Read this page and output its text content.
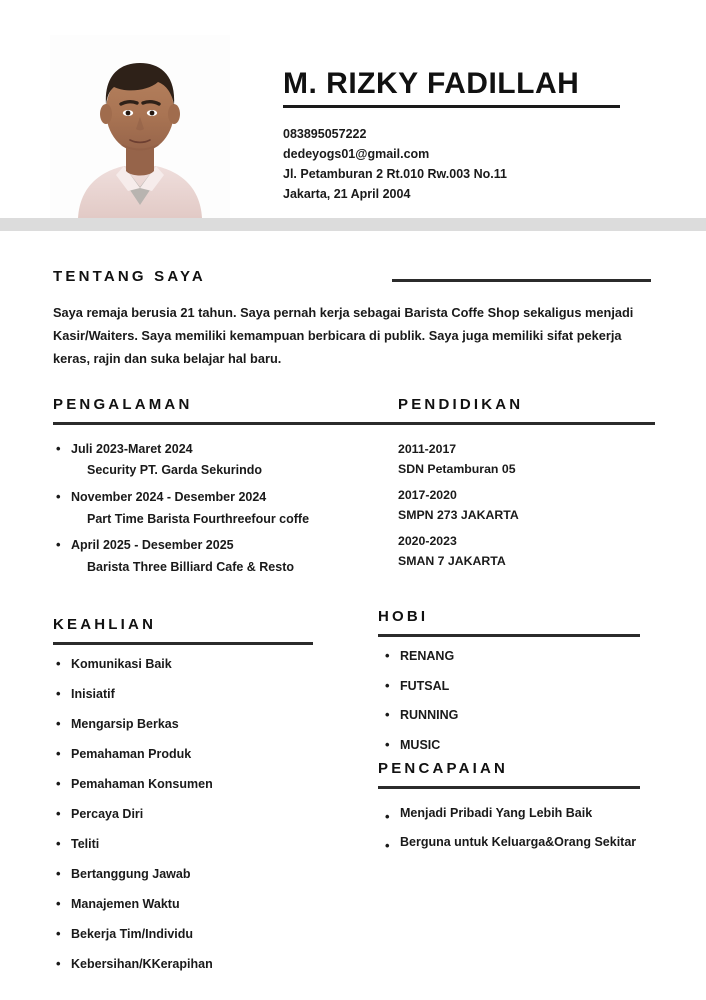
M. RIZKY FADILLAH
083895057222
dedeyogs01@gmail.com
Jl. Petamburan 2 Rt.010 Rw.003 No.11
Jakarta, 21 April 2004
TENTANG SAYA
Saya remaja berusia 21 tahun. Saya pernah kerja sebagai Barista Coffe Shop sekaligus menjadi Kasir/Waiters. Saya memiliki kemampuan berbicara di publik. Saya juga memiliki sifat pekerja keras, rajin dan suka belajar hal baru.
PENGALAMAN	PENDIDIKAN
• Juli 2023-Maret 2024
Security PT. Garda Sekurindo
• November 2024 - Desember 2024
Part Time Barista Fourthreefour coffe
• April 2025 - Desember 2025
Barista Three Billiard Cafe & Resto
2011-2017
SDN Petamburan 05
2017-2020
SMPN 273 JAKARTA
2020-2023
SMAN 7 JAKARTA
KEAHLIAN
• Komunikasi Baik
• Inisiatif
• Mengarsip Berkas
• Pemahaman Produk
• Pemahaman Konsumen
• Percaya Diri
• Teliti
• Bertanggung Jawab
• Manajemen Waktu
• Bekerja Tim/Individu
• Kebersihan/KKerapihan
HOBI
• RENANG
• FUTSAL
• RUNNING
• MUSIC
PENCAPAIAN
• Menjadi Pribadi Yang Lebih Baik
• Berguna untuk Keluarga&Orang Sekitar
